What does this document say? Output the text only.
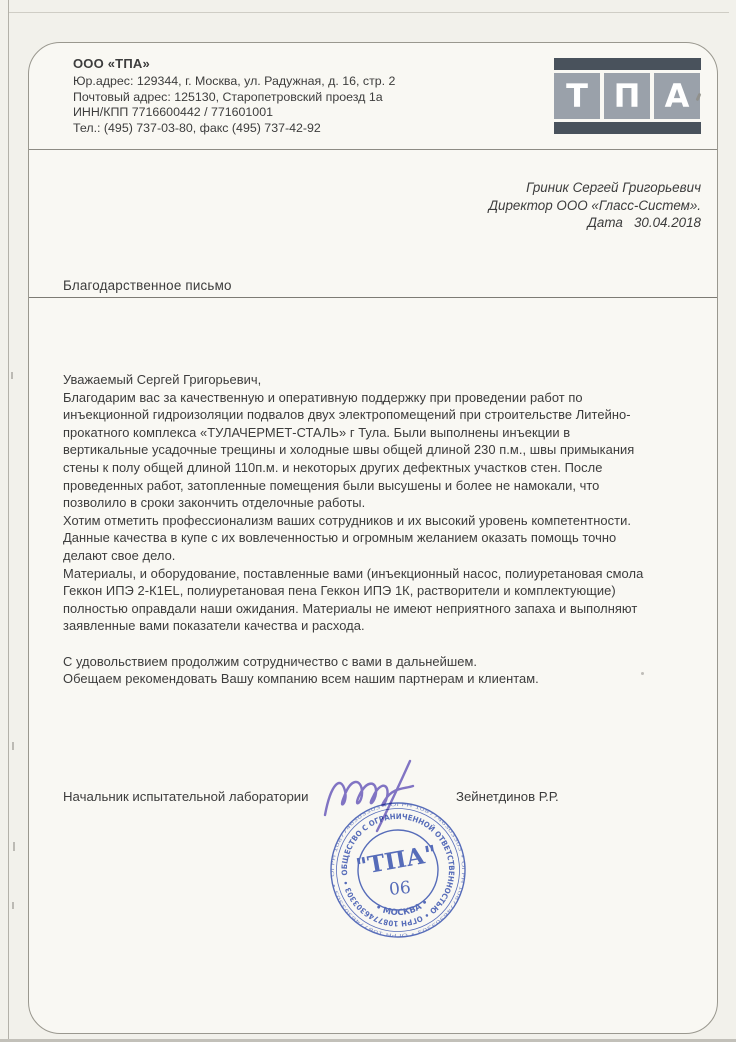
ООО «ТПА»
Юр.адрес: 129344, г. Москва, ул. Радужная, д. 16, стр. 2
Почтовый адрес: 125130, Старопетровский проезд 1а
ИНН/КПП 7716600442 / 771601001
Тел.: (495) 737-03-80, факс (495) 737-42-92
Т П А
Гриник Сергей Григорьевич
Директор ООО «Гласс-Систем».
Дата   30.04.2018
Благодарственное письмо
Уважаемый Сергей Григорьевич,
Благодарим вас за качественную и оперативную поддержку при проведении работ по
инъекционной гидроизоляции подвалов двух электропомещений при строительстве Литейно-
прокатного комплекса «ТУЛАЧЕРМЕТ-СТАЛЬ» г Тула. Были выполнены инъекции в
вертикальные усадочные трещины и холодные швы общей длиной 230 п.м., швы примыкания
стены к полу общей длиной 110п.м. и некоторых других дефектных участков стен. После
проведенных работ, затопленные помещения были высушены и более не намокали, что
позволило в сроки закончить отделочные работы.
Хотим отметить профессионализм ваших сотрудников и их высокий уровень компетентности.
Данные качества в купе с их вовлеченностью и огромным желанием оказать помощь точно
делают свое дело.
Материалы, и оборудование, поставленные вами (инъекционный насос, полиуретановая смола
Геккон ИПЭ 2-К1EL, полиуретановая пена Геккон ИПЭ 1К, растворители и комплектующие)
полностью оправдали наши ожидания. Материалы не имеют неприятного запаха и выполняют
заявленные вами показатели качества и расхода.

С удовольствием продолжим сотрудничество с вами в дальнейшем.
Обещаем рекомендовать Вашу компанию всем нашим партнерам и клиентам.
Начальник испытательной лаборатории	Зейнетдинов Р.Р.
ОБЩЕСТВО С ОГРАНИЧЕННОЙ ОТВЕТСТВЕННОСТЬЮ • ОГРН 1087746303303 •
ОГРН 1087746303303 • ОГРН 1087746303303 • ОГРН 1087746303303 • ОГРН 1087746303303 •
• МОСКВА •
"ТПА"
06
